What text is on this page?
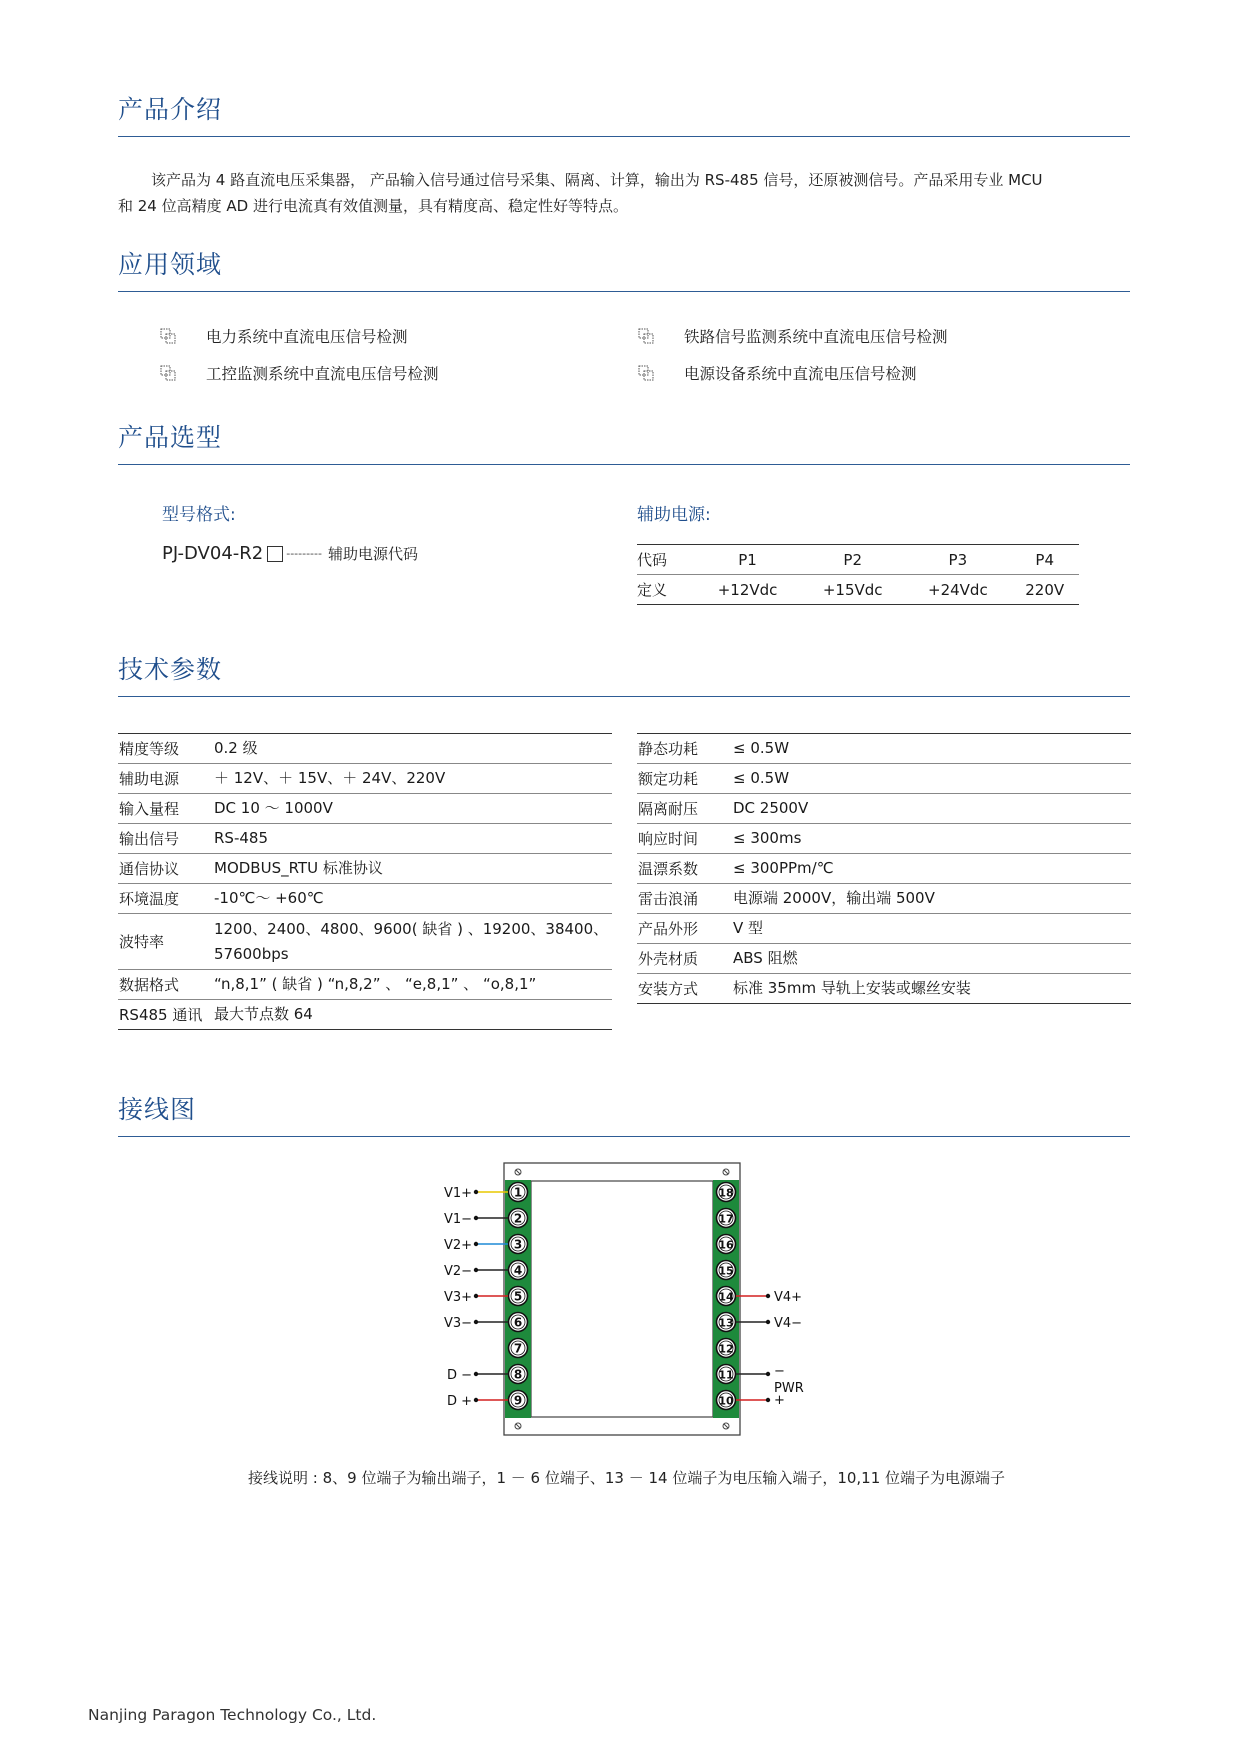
产品介绍
该产品为 4 路直流电压采集器， 产品输入信号通过信号采集、隔离、计算，输出为 RS-485 信号，还原被测信号。产品采用专业 MCU
和 24 位高精度 AD 进行电流真有效值测量，具有精度高、稳定性好等特点。
应用领域
电力系统中直流电压信号检测	铁路信号监测系统中直流电压信号检测
工控监测系统中直流电压信号检测	电源设备系统中直流电压信号检测
产品选型
型号格式:	辅助电源:
PJ-DV04-R2 --------- 辅助电源代码	代码	P1	P2	P3	P4
定义	+12Vdc	+15Vdc	+24Vdc	220V
技术参数
精度等级	0.2 级
辅助电源	＋ 12V、＋ 15V、＋ 24V、220V
输入量程	DC 10 ～ 1000V
输出信号	RS-485
通信协议	MODBUS_RTU 标准协议
环境温度	-10℃～ +60℃
波特率	1200、2400、4800、9600( 缺省 ) 、19200、38400、
57600bps

数据格式	“n,8,1” ( 缺省 ) “n,8,2” 、 “e,8,1” 、 “o,8,1”
RS485 通讯	最大节点数 64
静态功耗	≤ 0.5W
额定功耗	≤ 0.5W
隔离耐压	DC 2500V
响应时间	≤ 300ms
温漂系数	≤ 300PPm/℃
雷击浪涌	电源端 2000V，输出端 500V
产品外形	V 型
外壳材质	ABS 阻燃
安装方式	标准 35mm 导轨上安装或螺丝安装
接线图
1
2
3
4
5
6
7
8
9
18
17
16
15
14
13
12
11
10
V1+
V1−
V2+
V2−
V3+
V3−
D −
D +
V4+
V4−
−
+
PWR
接线说明 : 8、9 位端子为输出端子，1 － 6 位端子、13 － 14 位端子为电压输入端子，10,11 位端子为电源端子
Nanjing Paragon Technology Co., Ltd.
